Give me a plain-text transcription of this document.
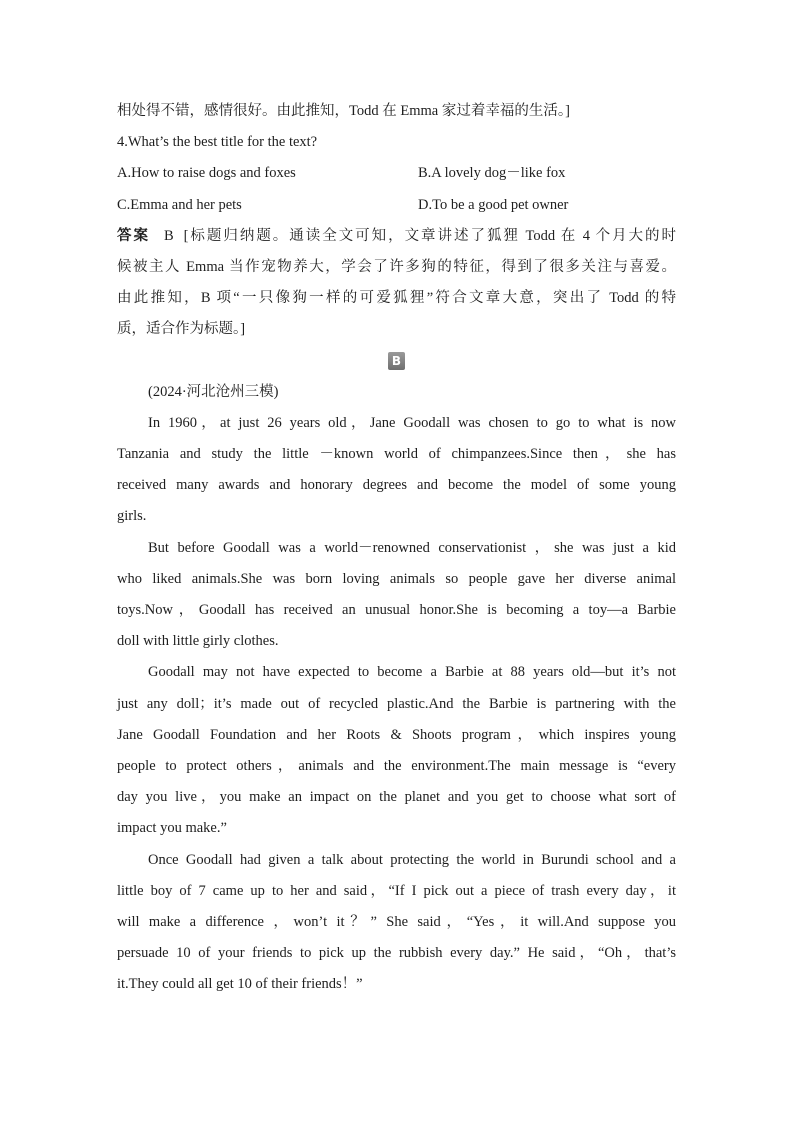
相处得不错，感情很好。由此推知，Todd 在 Emma 家过着幸福的生活。]
4.What’s the best title for the text?
A.How to raise dogs and foxes	B.A lovely dog－like fox
C.Emma and her pets	D.To be a good pet owner
答案 B [标题归纳题。通读全文可知，文章讲述了狐狸 Todd 在 4 个月大的时
候被主人 Emma 当作宠物养大，学会了许多狗的特征，得到了很多关注与喜爱。
由此推知，B 项“一只像狗一样的可爱狐狸”符合文章大意，突出了 Todd 的特
质，适合作为标题。]
B
(2024·河北沧州三模)
In 1960，at just 26 years old，Jane Goodall was chosen to go to what is now
Tanzania and study the little －known world of chimpanzees.Since then，she has
received many awards and honorary degrees and become the model of some young
girls.
But before Goodall was a world－renowned conservationist ，she was just a kid
who liked animals.She was born loving animals so people gave her diverse animal
toys.Now，Goodall has received an unusual honor.She is becoming a toy—a Barbie
doll with little girly clothes.
Goodall may not have expected to become a Barbie at 88 years old—but it’s not
just any doll；it’s made out of recycled plastic.And the Barbie is partnering with the
Jane Goodall Foundation and her Roots & Shoots program，which inspires young
people to protect others，animals and the environment.The main message is “every
day you live，you make an impact on the planet and you get to choose what sort of
impact you make.”
Once Goodall had given a talk about protecting the world in Burundi school and a
little boy of 7 came up to her and said，“If I pick out a piece of trash every day，it
will make a difference ，won’t it？” She said，“Yes，it will.And suppose you
persuade 10 of your friends to pick up the rubbish every day.” He said，“Oh，that’s
it.They could all get 10 of their friends！”
